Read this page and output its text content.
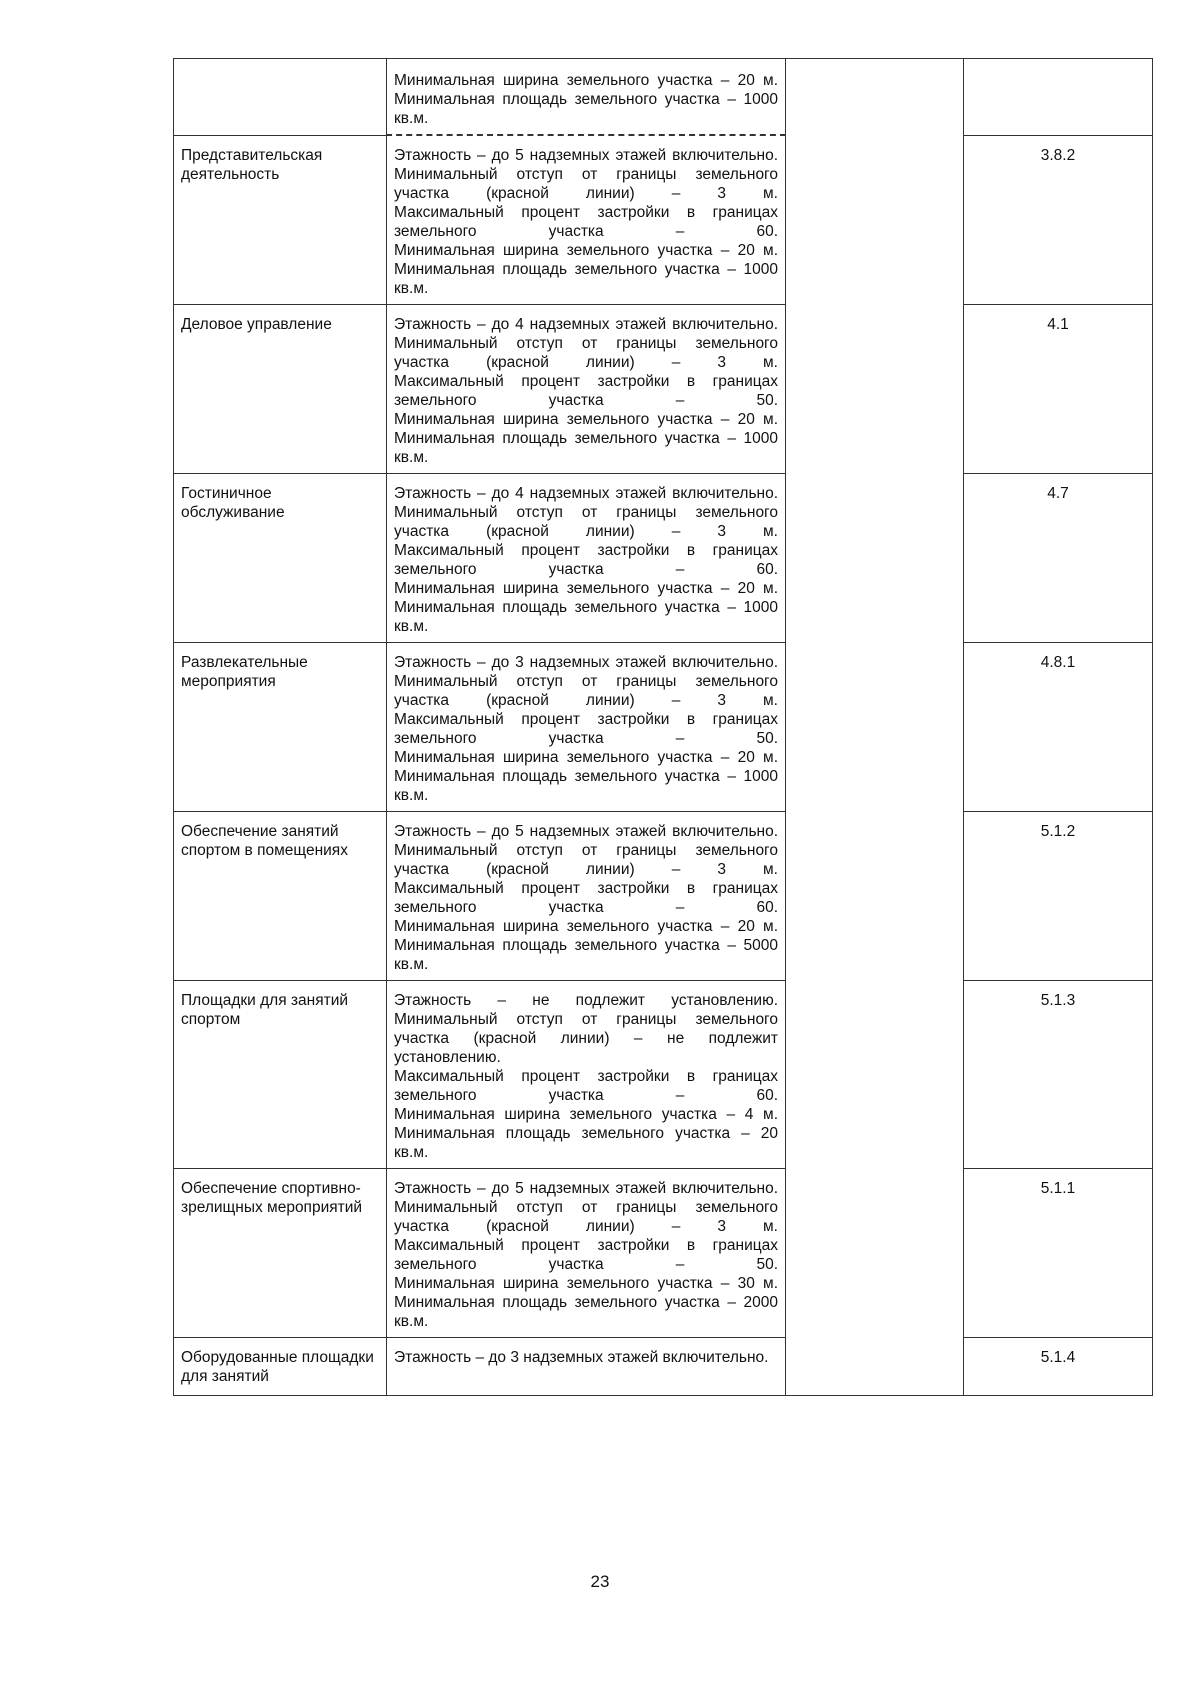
	Минимальная ширина земельного участка – 20 м.
Минимальная площадь земельного участка – 1000 кв.м.		

Представительская деятельность	Этажность – до 5 надземных этажей включительно.
Минимальный отступ от границы земельного участка (красной линии) – 3 м.
Максимальный процент застройки в границах земельного участка – 60.
Минимальная ширина земельного участка – 20 м.
Минимальная площадь земельного участка – 1000 кв.м.		3.8.2
Деловое управление	Этажность – до 4 надземных этажей включительно.
Минимальный отступ от границы земельного участка (красной линии) – 3 м.
Максимальный процент застройки в границах земельного участка – 50.
Минимальная ширина земельного участка – 20 м.
Минимальная площадь земельного участка – 1000 кв.м.		4.1
Гостиничное обслуживание	Этажность – до 4 надземных этажей включительно.
Минимальный отступ от границы земельного участка (красной линии) – 3 м.
Максимальный процент застройки в границах земельного участка – 60.
Минимальная ширина земельного участка – 20 м.
Минимальная площадь земельного участка – 1000 кв.м.		4.7
Развлекательные мероприятия	Этажность – до 3 надземных этажей включительно.
Минимальный отступ от границы земельного участка (красной линии) – 3 м.
Максимальный процент застройки в границах земельного участка – 50.
Минимальная ширина земельного участка – 20 м.
Минимальная площадь земельного участка – 1000 кв.м.		4.8.1
Обеспечение занятий спортом в помещениях	Этажность – до 5 надземных этажей включительно.
Минимальный отступ от границы земельного участка (красной линии) – 3 м.
Максимальный процент застройки в границах земельного участка – 60.
Минимальная ширина земельного участка – 20 м.
Минимальная площадь земельного участка – 5000 кв.м.		5.1.2
Площадки для занятий спортом	Этажность – не подлежит установлению.
Минимальный отступ от границы земельного участка (красной линии) – не подлежит установлению.
Максимальный процент застройки в границах земельного участка – 60.
Минимальная ширина земельного участка – 4 м.
Минимальная площадь земельного участка – 20 кв.м.		5.1.3
Обеспечение спортивно-зрелищных мероприятий	Этажность – до 5 надземных этажей включительно.
Минимальный отступ от границы земельного участка (красной линии) – 3 м.
Максимальный процент застройки в границах земельного участка – 50.
Минимальная ширина земельного участка – 30 м.
Минимальная площадь земельного участка – 2000 кв.м.		5.1.1
Оборудованные площадки для занятий	Этажность – до 3 надземных этажей включительно.		5.1.4
23
